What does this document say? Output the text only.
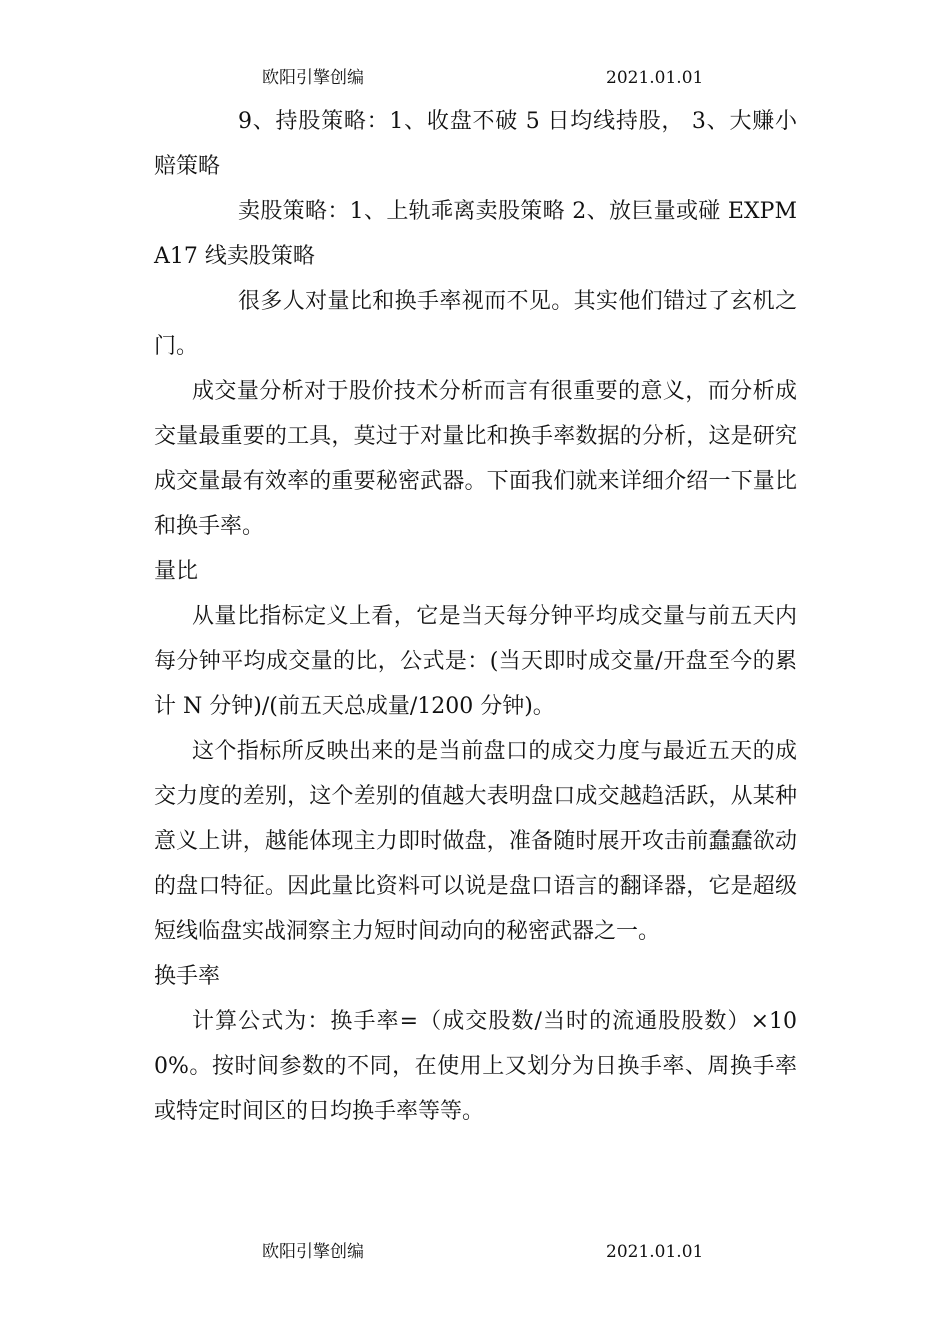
欧阳引擎创编	2021.01.01

9、持股策略：1、收盘不破 5 日均线持股， 3、大赚小赔策略

卖股策略：1、上轨乖离卖股策略 2、放巨量或碰 EXPMA17 线卖股策略

很多人对量比和换手率视而不见。其实他们错过了玄机之门。

成交量分析对于股价技术分析而言有很重要的意义，而分析成交量最重要的工具，莫过于对量比和换手率数据的分析，这是研究成交量最有效率的重要秘密武器。下面我们就来详细介绍一下量比和换手率。

量比

从量比指标定义上看，它是当天每分钟平均成交量与前五天内每分钟平均成交量的比，公式是：(当天即时成交量/开盘至今的累计 N 分钟)/(前五天总成量/1200 分钟)。

这个指标所反映出来的是当前盘口的成交力度与最近五天的成交力度的差别，这个差别的值越大表明盘口成交越趋活跃，从某种意义上讲，越能体现主力即时做盘，准备随时展开攻击前蠢蠢欲动的盘口特征。因此量比资料可以说是盘口语言的翻译器，它是超级短线临盘实战洞察主力短时间动向的秘密武器之一。

换手率

计算公式为：换手率=（成交股数/当时的流通股股数）×100%。按时间参数的不同，在使用上又划分为日换手率、周换手率或特定时间区的日均换手率等等。

欧阳引擎创编	2021.01.01
